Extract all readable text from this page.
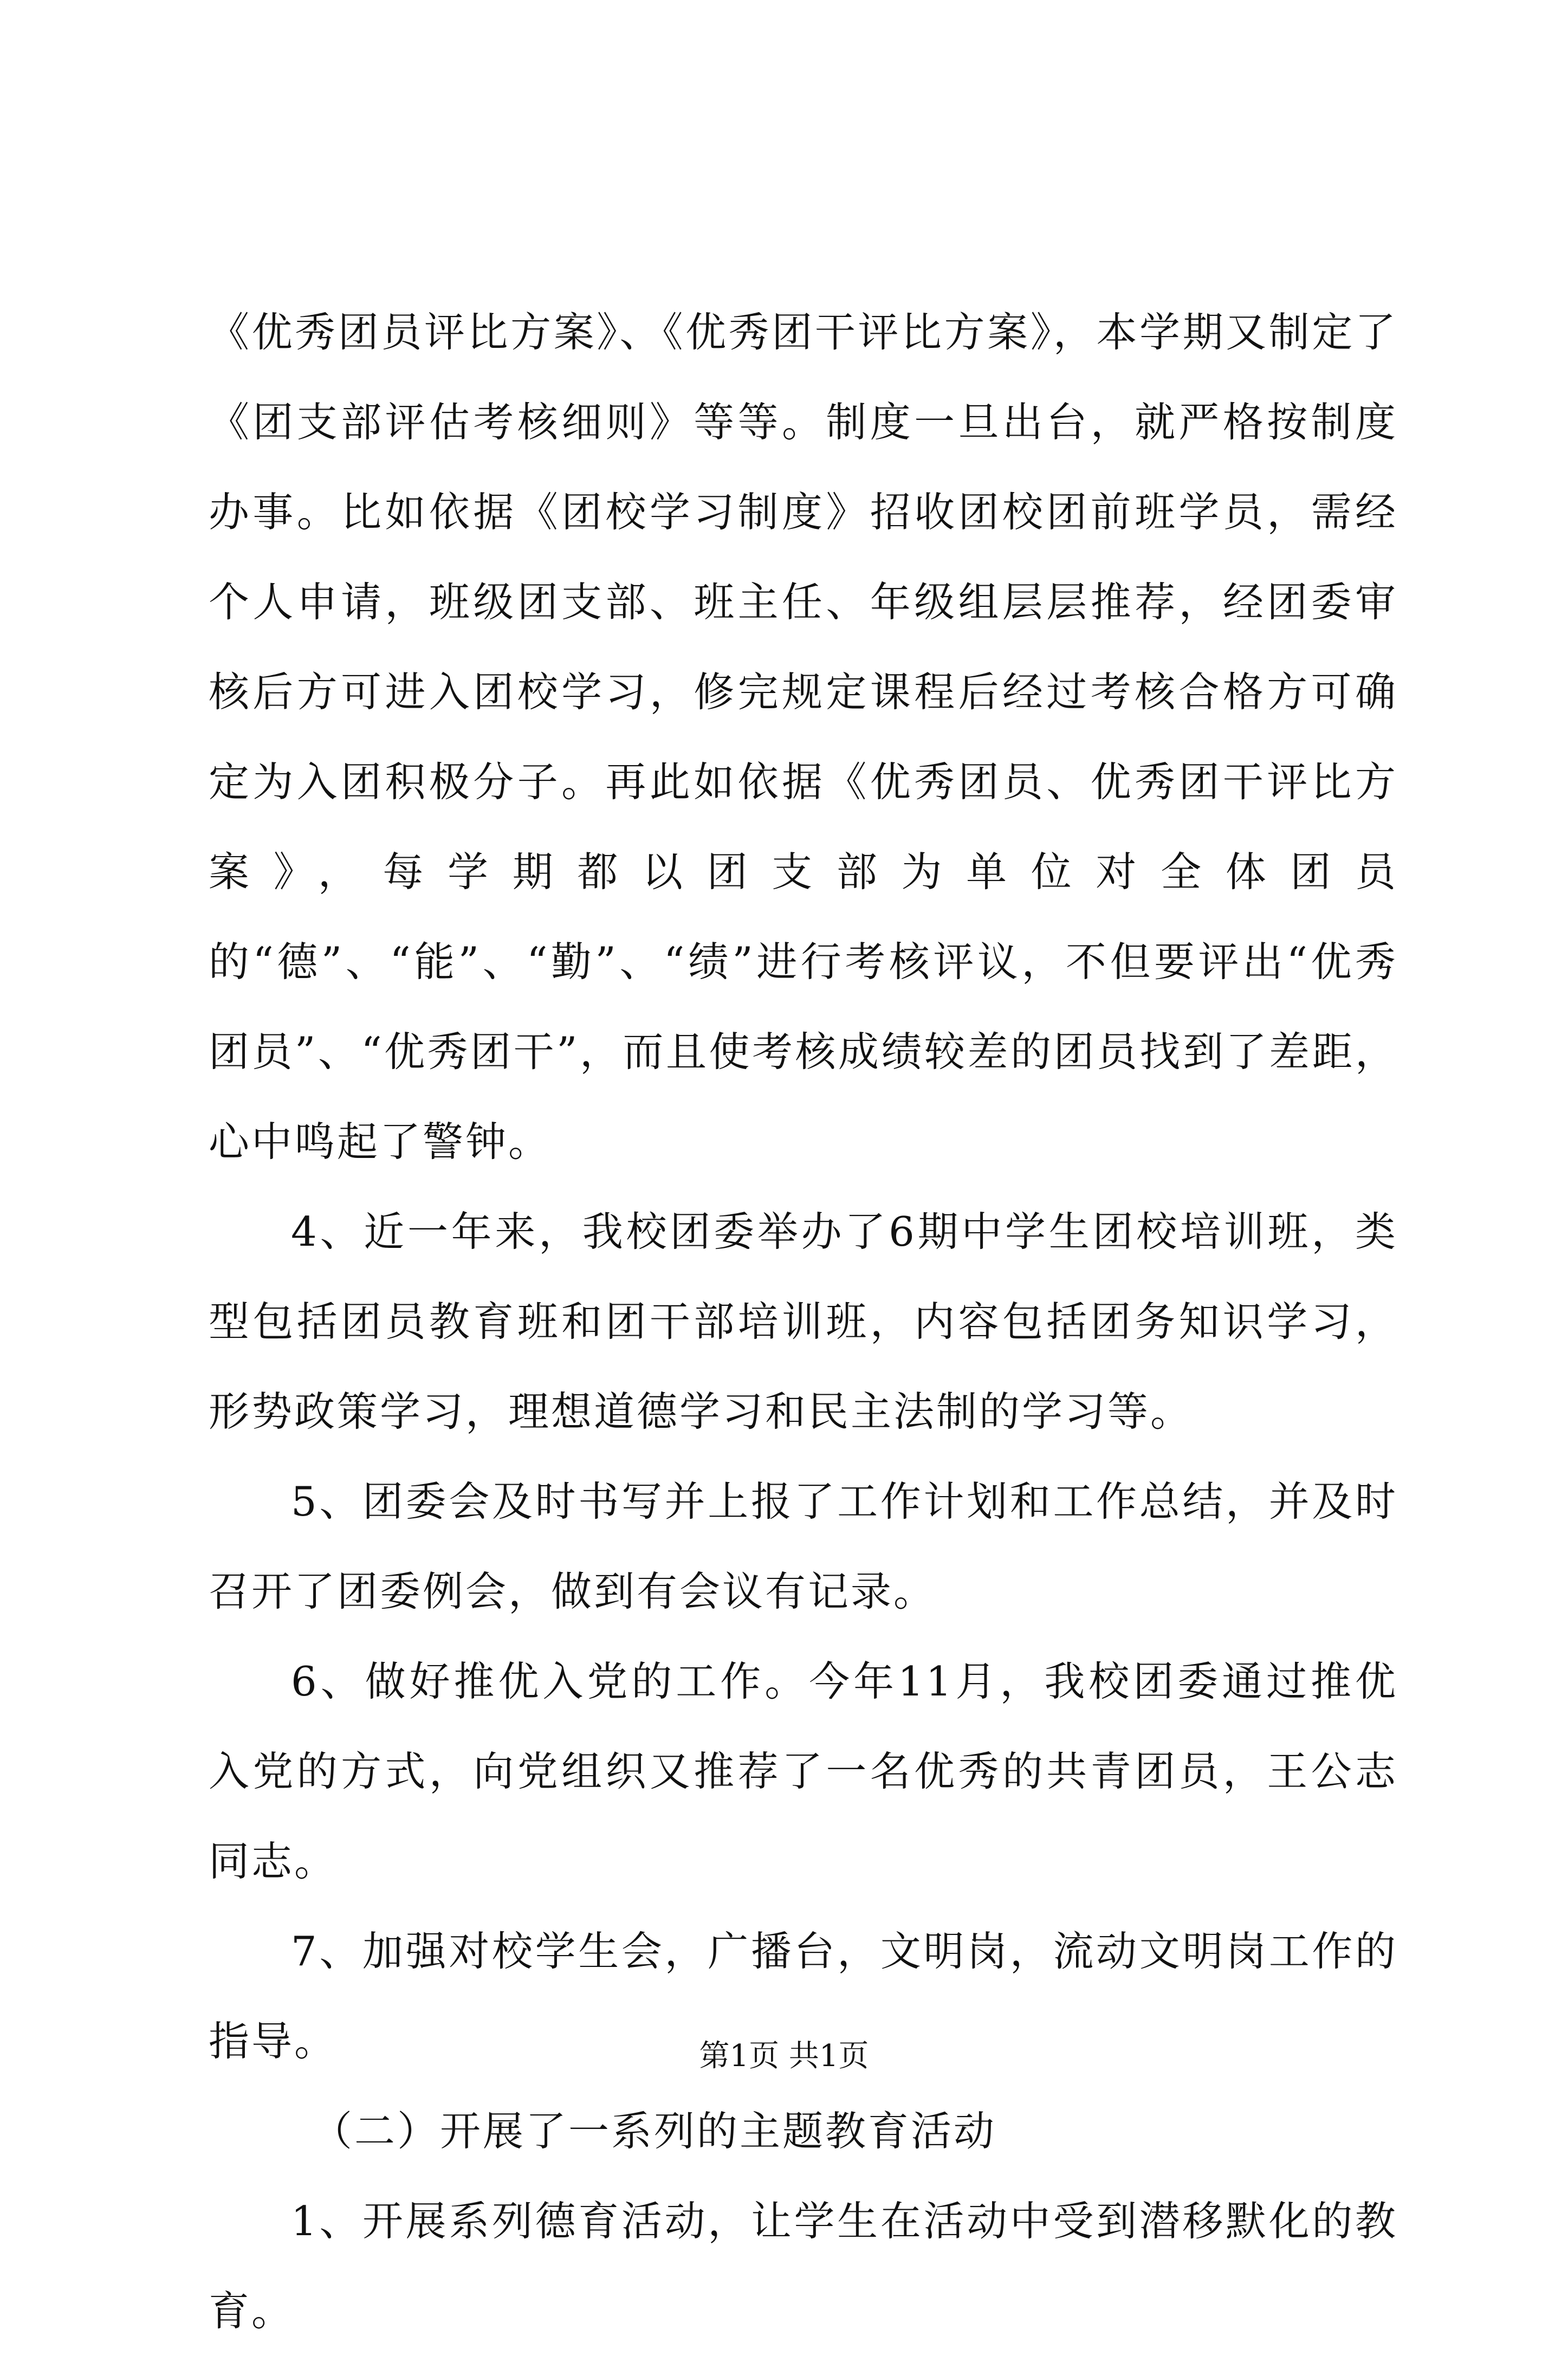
《优秀团员评比方案》、《优秀团干评比方案》，本学期又制定了《团支部评估考核细则》等等。制度一旦出台，就严格按制度办事。比如依据《团校学习制度》招收团校团前班学员，需经个人申请，班级团支部、班主任、年级组层层推荐，经团委审核后方可进入团校学习，修完规定课程后经过考核合格方可确定为入团积极分子。再此如依据《优秀团员、优秀团干评比方案》，每学期都以团支部为单位对全体团员的“德”、“能”、“勤”、“绩”进行考核评议，不但要评出“优秀团员”、“优秀团干”，而且使考核成绩较差的团员找到了差距，心中鸣起了警钟。

4、近一年来，我校团委举办了6期中学生团校培训班，类型包括团员教育班和团干部培训班，内容包括团务知识学习，形势政策学习，理想道德学习和民主法制的学习等。

5、团委会及时书写并上报了工作计划和工作总结，并及时召开了团委例会，做到有会议有记录。

6、做好推优入党的工作。今年11月，我校团委通过推优入党的方式，向党组织又推荐了一名优秀的共青团员，王公志同志。

7、加强对校学生会，广播台，文明岗，流动文明岗工作的指导。

（二）开展了一系列的主题教育活动

1、开展系列德育活动，让学生在活动中受到潜移默化的教育。

第1页 共1页
